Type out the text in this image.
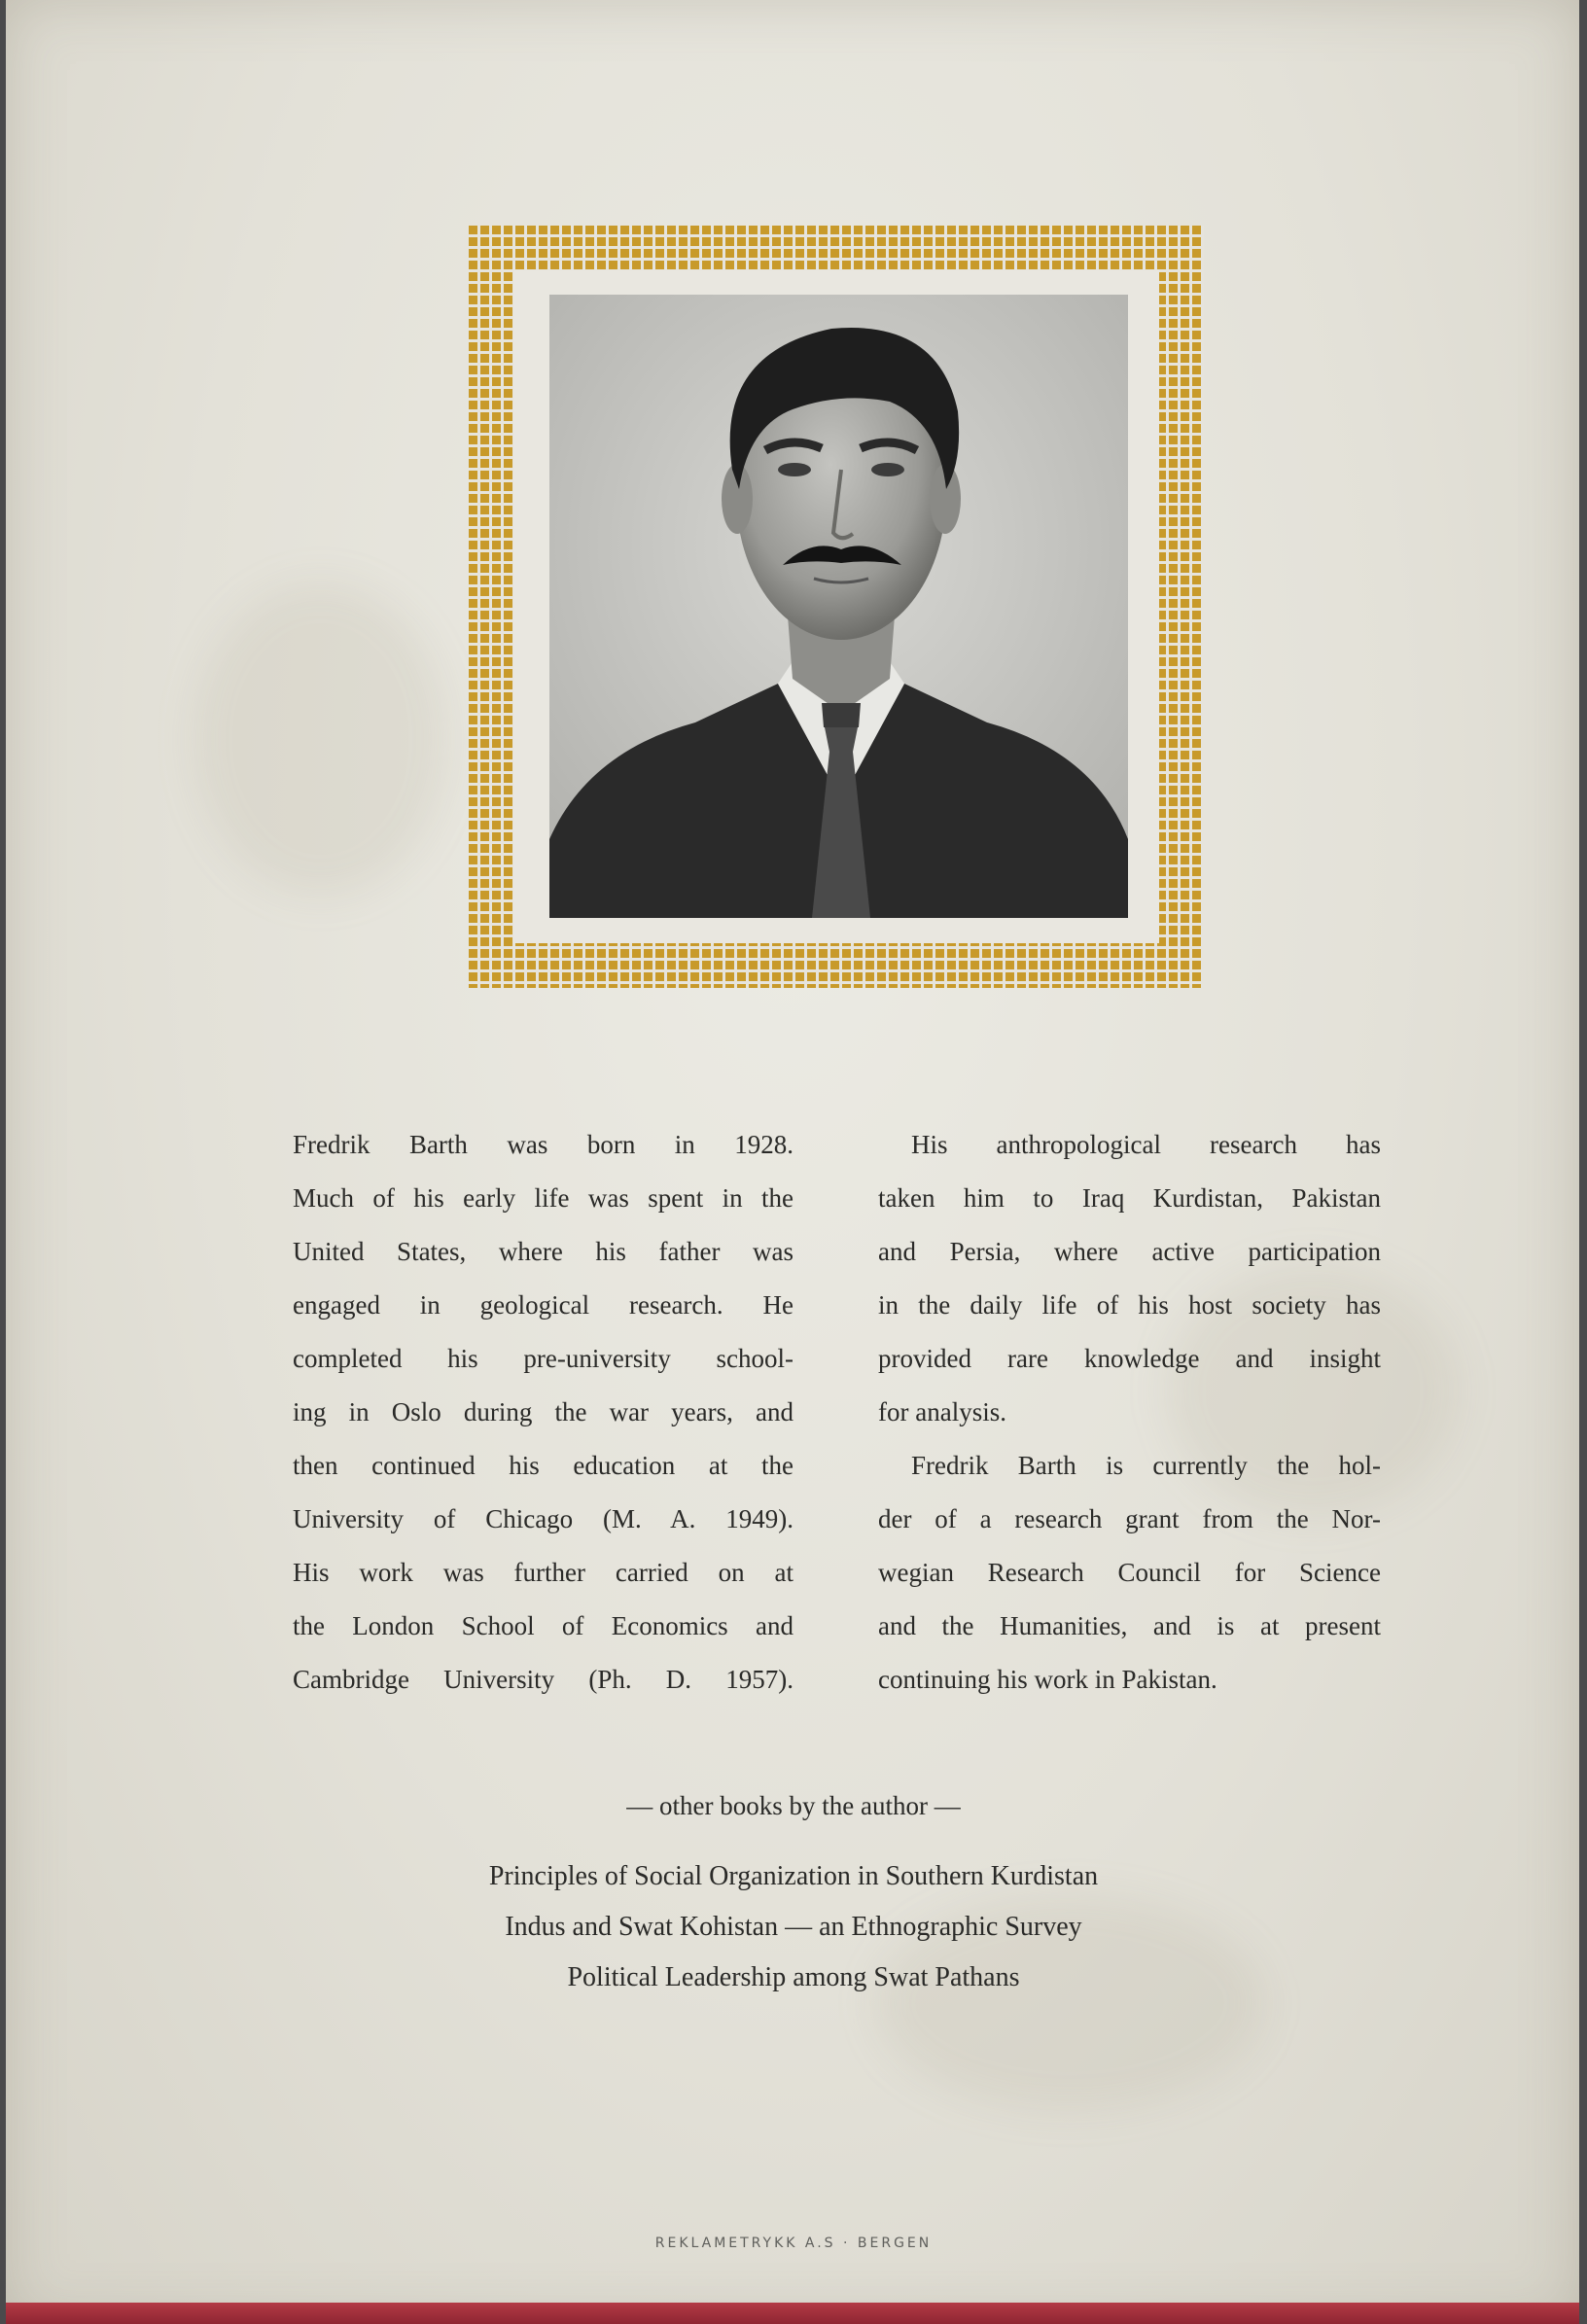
Fredrik Barth was born in 1928.

Much of his early life was spent in the

United States, where his father was

engaged in geological research. He

completed his pre-university school-

ing in Oslo during the war years, and

then continued his education at the

University of Chicago (M. A. 1949).

His work was further carried on at

the London School of Economics and

Cambridge University (Ph. D. 1957).

His anthropological research has

taken him to Iraq Kurdistan, Pakistan

and Persia, where active participation

in the daily life of his host society has

provided rare knowledge and insight

for analysis.

Fredrik Barth is currently the hol-

der of a research grant from the Nor-

wegian Research Council for Science

and the Humanities, and is at present

continuing his work in Pakistan.

— other books by the author —
Principles of Social Organization in Southern Kurdistan
Indus and Swat Kohistan — an Ethnographic Survey
Political Leadership among Swat Pathans
REKLAMETRYKK A.S · BERGEN
